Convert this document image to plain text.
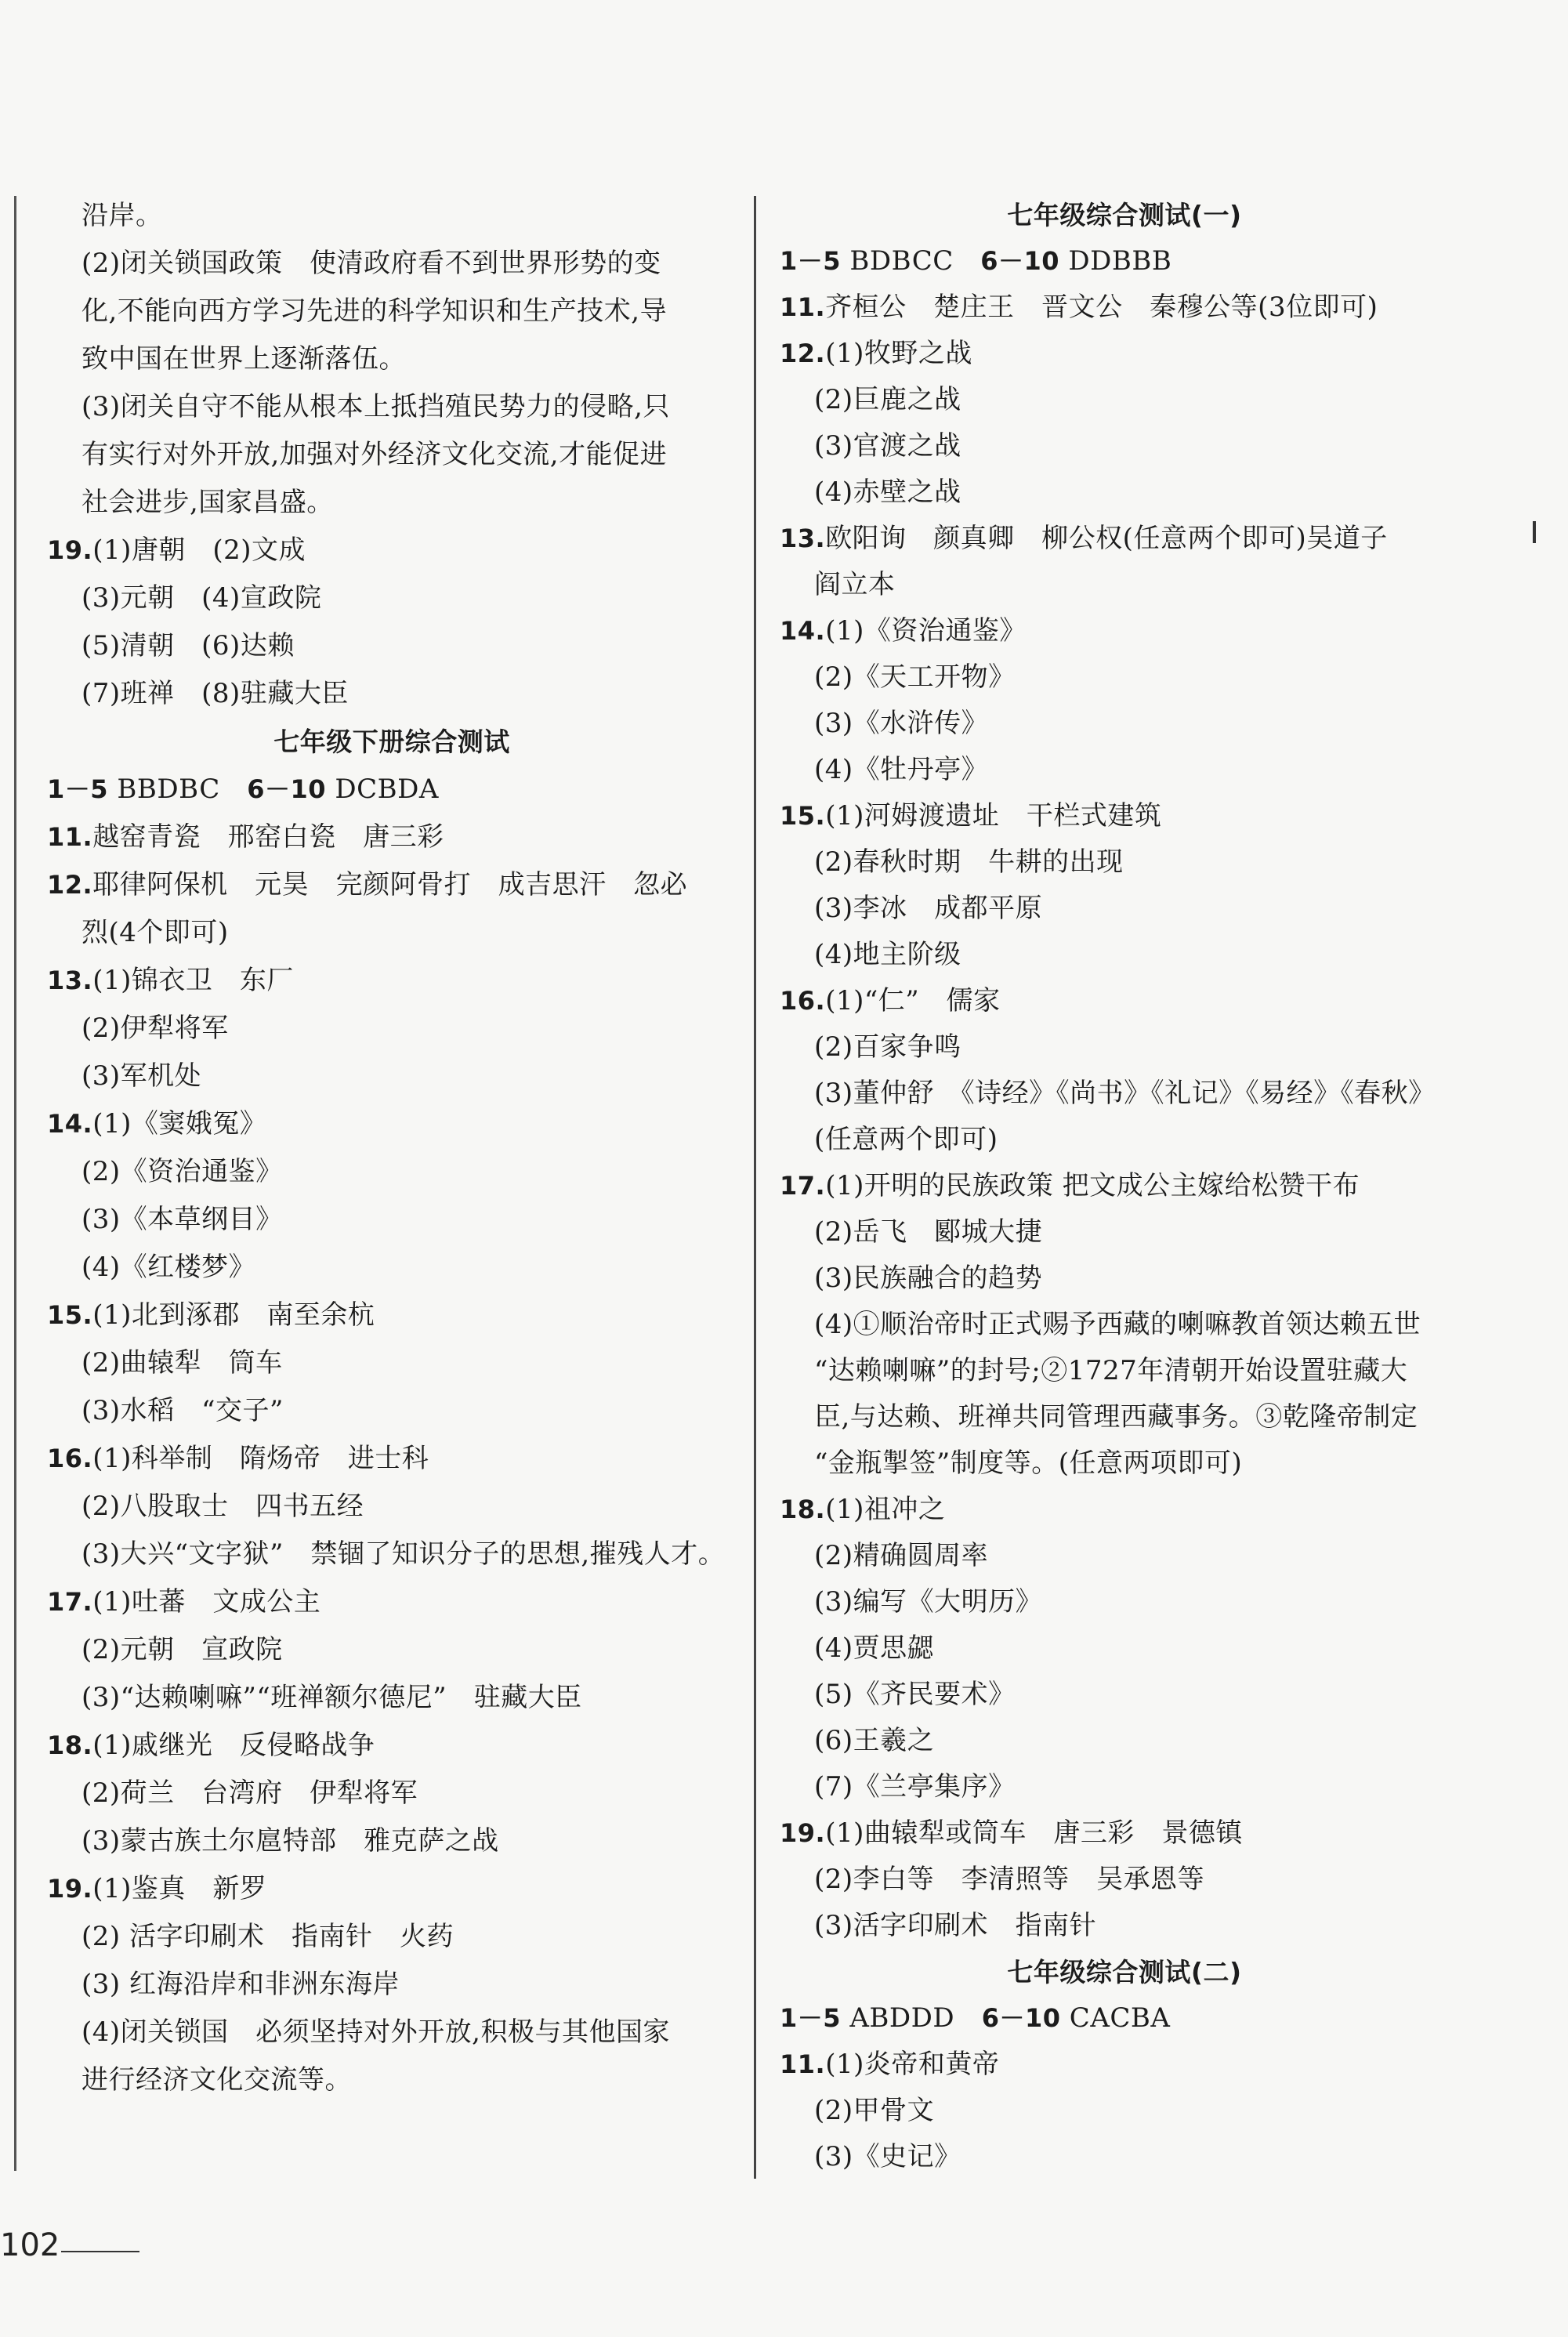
沿岸。
(2)闭关锁国政策　使清政府看不到世界形势的变
化,不能向西方学习先进的科学知识和生产技术,导
致中国在世界上逐渐落伍。
(3)闭关自守不能从根本上抵挡殖民势力的侵略,只
有实行对外开放,加强对外经济文化交流,才能促进
社会进步,国家昌盛。
19.(1)唐朝　(2)文成
(3)元朝　(4)宣政院
(5)清朝　(6)达赖
(7)班禅　(8)驻藏大臣
七年级下册综合测试
1－5 BBDBC　6－10 DCBDA
11.越窑青瓷　邢窑白瓷　唐三彩
12.耶律阿保机　元昊　完颜阿骨打　成吉思汗　忽必
烈(4个即可)
13.(1)锦衣卫　东厂
(2)伊犁将军
(3)军机处
14.(1)《窦娥冤》
(2)《资治通鉴》
(3)《本草纲目》
(4)《红楼梦》
15.(1)北到涿郡　南至余杭
(2)曲辕犁　筒车
(3)水稻　“交子”
16.(1)科举制　隋炀帝　进士科
(2)八股取士　四书五经
(3)大兴“文字狱”　禁锢了知识分子的思想,摧残人才。
17.(1)吐蕃　文成公主
(2)元朝　宣政院
(3)“达赖喇嘛”“班禅额尔德尼”　驻藏大臣
18.(1)戚继光　反侵略战争
(2)荷兰　台湾府　伊犁将军
(3)蒙古族土尔扈特部　雅克萨之战
19.(1)鉴真　新罗
(2) 活字印刷术　指南针　火药
(3) 红海沿岸和非洲东海岸
(4)闭关锁国　必须坚持对外开放,积极与其他国家
进行经济文化交流等。
七年级综合测试(一)
1－5 BDBCC　6－10 DDBBB
11.齐桓公　楚庄王　晋文公　秦穆公等(3位即可)
12.(1)牧野之战
(2)巨鹿之战
(3)官渡之战
(4)赤壁之战
13.欧阳询　颜真卿　柳公权(任意两个即可)吴道子
阎立本
14.(1)《资治通鉴》
(2)《天工开物》
(3)《水浒传》
(4)《牡丹亭》
15.(1)河姆渡遗址　干栏式建筑
(2)春秋时期　牛耕的出现
(3)李冰　成都平原
(4)地主阶级
16.(1)“仁”　儒家
(2)百家争鸣
(3)董仲舒　《诗经》《尚书》《礼记》《易经》《春秋》
(任意两个即可)
17.(1)开明的民族政策 把文成公主嫁给松赞干布
(2)岳飞　郾城大捷
(3)民族融合的趋势
(4)①顺治帝时正式赐予西藏的喇嘛教首领达赖五世
“达赖喇嘛”的封号;②1727年清朝开始设置驻藏大
臣,与达赖、班禅共同管理西藏事务。③乾隆帝制定
“金瓶掣签”制度等。(任意两项即可)
18.(1)祖冲之
(2)精确圆周率
(3)编写《大明历》
(4)贾思勰
(5)《齐民要术》
(6)王羲之
(7)《兰亭集序》
19.(1)曲辕犁或筒车　唐三彩　景德镇
(2)李白等　李清照等　吴承恩等
(3)活字印刷术　指南针
七年级综合测试(二)
1－5 ABDDD　6－10 CACBA
11.(1)炎帝和黄帝
(2)甲骨文
(3)《史记》
102
